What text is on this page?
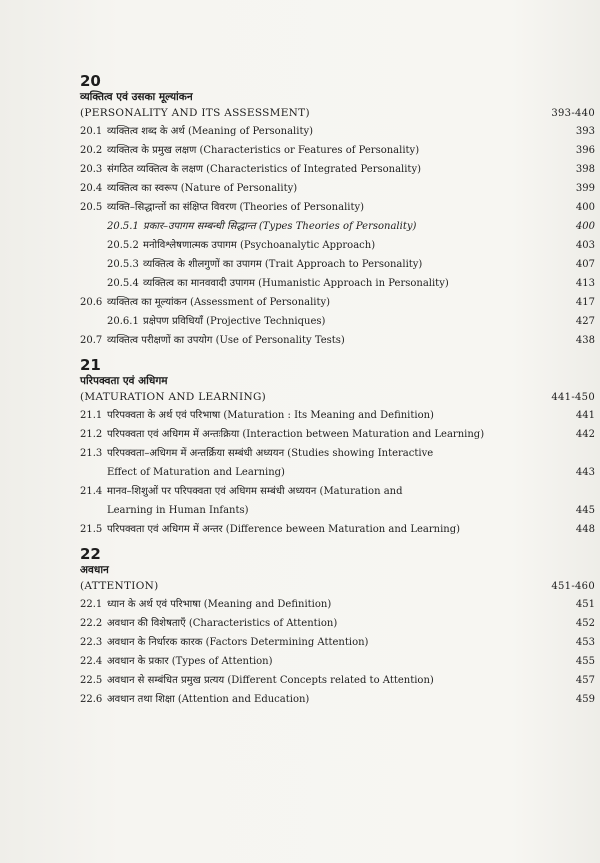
20
व्यक्तित्व एवं उसका मूल्यांकन
(PERSONALITY AND ITS ASSESSMENT)	393-440
20.1 व्यक्तित्व शब्द के अर्थ (Meaning of Personality)	393
20.2 व्यक्तित्व के प्रमुख लक्षण (Characteristics or Features of Personality)	396
20.3 संगठित व्यक्तित्व के लक्षण (Characteristics of Integrated Personality)	398
20.4 व्यक्तित्व का स्वरूप (Nature of Personality)	399
20.5 व्यक्ति–सिद्धान्तों का संक्षिप्त विवरण (Theories of Personality)	400
20.5.1 प्रकार–उपागम सम्बन्धी सिद्धान्त (Types Theories of Personality)	400
20.5.2 मनोविश्लेषणात्मक उपागम (Psychoanalytic Approach)	403
20.5.3 व्यक्तित्व के शीलगुणों का उपागम (Trait Approach to Personality)	407
20.5.4 व्यक्तित्व का मानववादी उपागम (Humanistic Approach in Personality)	413
20.6 व्यक्तित्व का मूल्यांकन (Assessment of Personality)	417
20.6.1 प्रक्षेपण प्रविधियाँ (Projective Techniques)	427
20.7 व्यक्तित्व परीक्षणों का उपयोग (Use of Personality Tests)	438
21
परिपक्वता एवं अधिगम
(MATURATION AND LEARNING)	441-450
21.1 परिपक्वता के अर्थ एवं परिभाषा (Maturation : Its Meaning and Definition)	441
21.2 परिपक्वता एवं अधिगम में अन्तःक्रिया (Interaction between Maturation and Learning)	442
21.3 परिपक्वता–अधिगम में अन्तर्क्रिया सम्बंधी अध्ययन (Studies showing Interactive
Effect of Maturation and Learning)	443
21.4 मानव–शिशुओं पर परिपक्वता एवं अधिगम सम्बंधी अध्ययन (Maturation and
Learning in Human Infants)	445
21.5 परिपक्वता एवं अधिगम में अन्तर (Difference beween Maturation and Learning)	448
22
अवधान
(ATTENTION)	451-460
22.1 ध्यान के अर्थ एवं परिभाषा (Meaning and Definition)	451
22.2 अवधान की विशेषताएँ (Characteristics of Attention)	452
22.3 अवधान के निर्धारक कारक (Factors Determining Attention)	453
22.4 अवधान के प्रकार (Types of Attention)	455
22.5 अवधान से सम्बंधित प्रमुख प्रत्यय (Different Concepts related to Attention)	457
22.6 अवधान तथा शिक्षा (Attention and Education)	459
